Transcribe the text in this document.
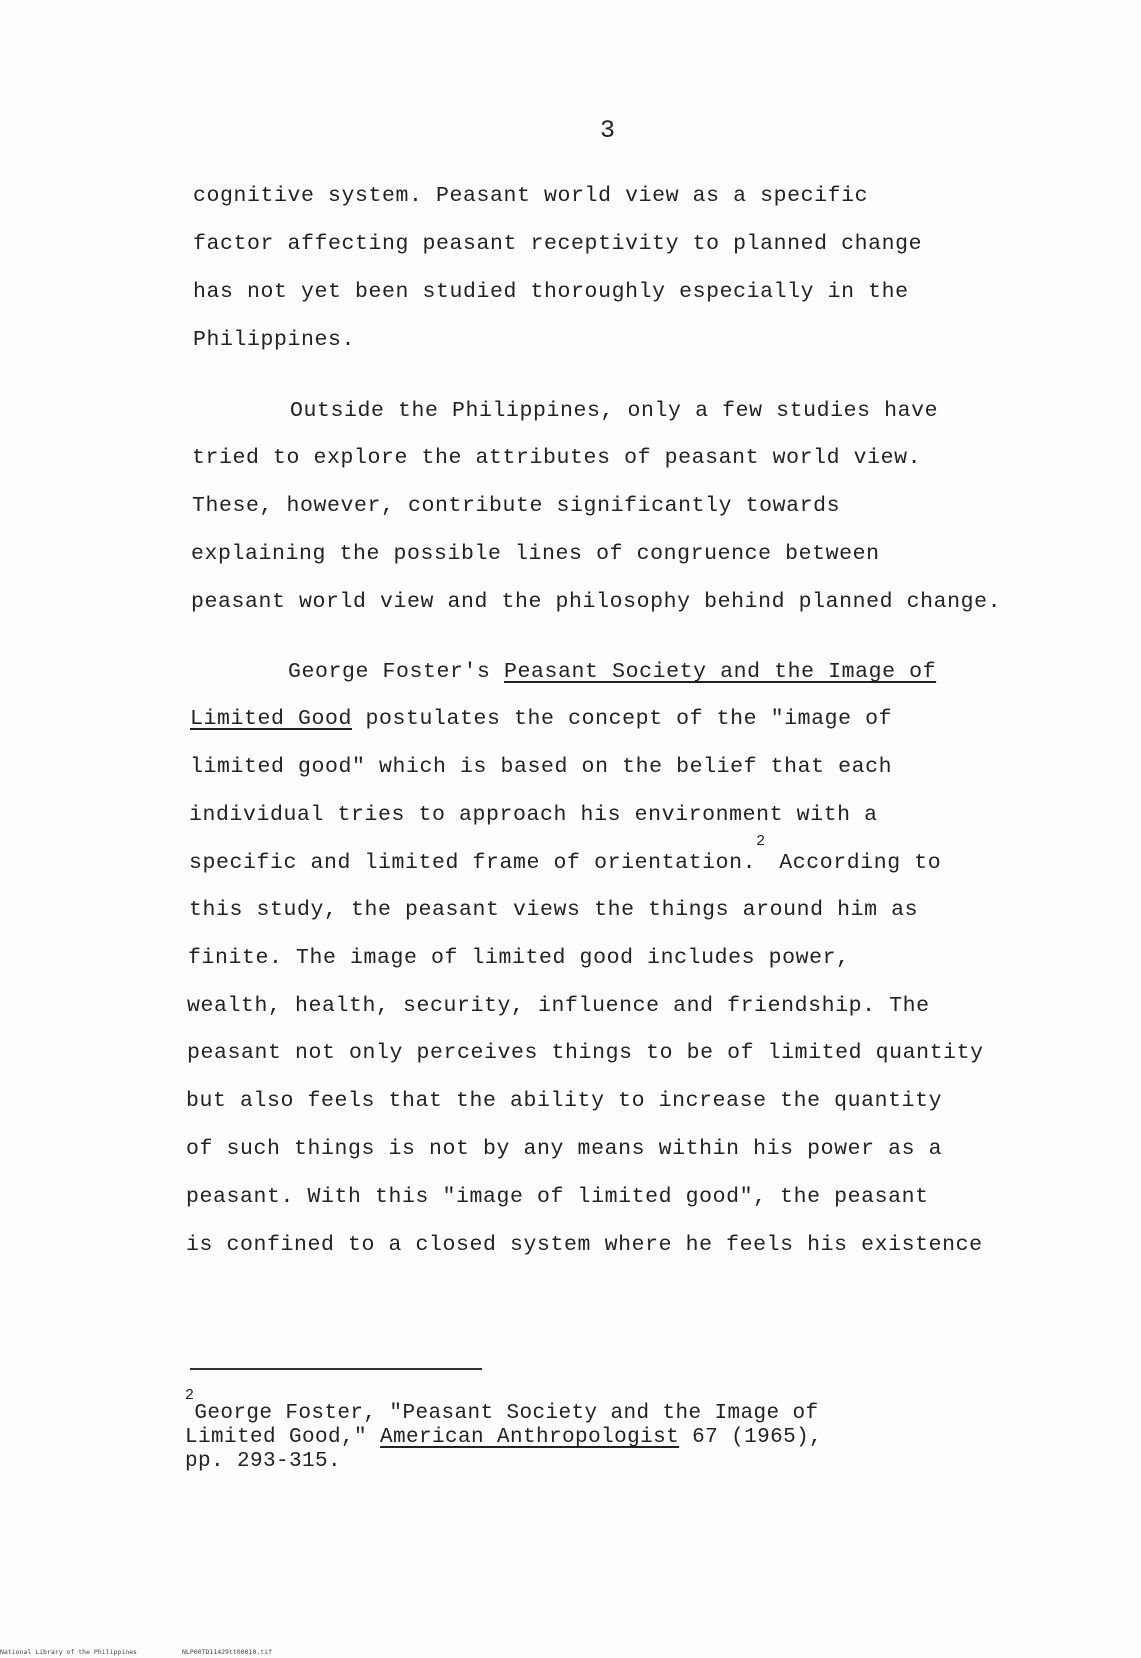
3
cognitive system. Peasant world view as a specific
factor affecting peasant receptivity to planned change
has not yet been studied thoroughly especially in the
Philippines.
Outside the Philippines, only a few studies have
tried to explore the attributes of peasant world view.
These, however, contribute significantly towards
explaining the possible lines of congruence between
peasant world view and the philosophy behind planned change.
George Foster's Peasant Society and the Image of
Limited Good postulates the concept of the "image of
limited good" which is based on the belief that each
individual tries to approach his environment with a
specific and limited frame of orientation.$^2$ According to
this study, the peasant views the things around him as
finite. The image of limited good includes power,
wealth, health, security, influence and friendship. The
peasant not only perceives things to be of limited quantity
but also feels that the ability to increase the quantity
of such things is not by any means within his power as a
peasant. With this "image of limited good", the peasant
is confined to a closed system where he feels his existence
$^2$George Foster, "Peasant Society and the Image of
Limited Good," American Anthropologist 67 (1965),
pp. 293-315.
National Library of the Philippines	NLP00TD11429tt00010.tif
